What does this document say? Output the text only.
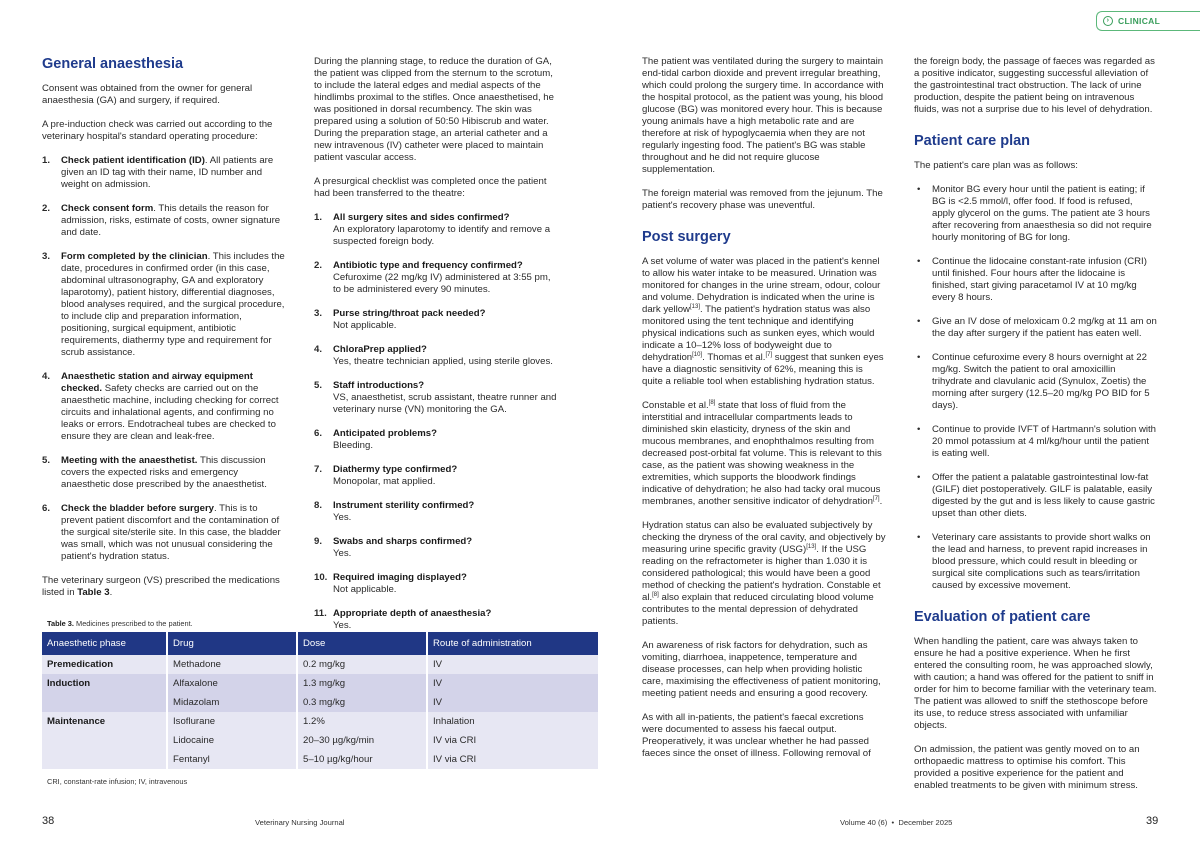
›	CLINICAL
General anaesthesia

Consent was obtained from the owner for general anaesthesia (GA) and surgery, if required.

A pre-induction check was carried out according to the veterinary hospital's standard operating procedure:

1. Check patient identification (ID). All patients are given an ID tag with their name, ID number and weight on admission.
2. Check consent form. This details the reason for admission, risks, estimate of costs, owner signature and date.
3. Form completed by the clinician. This includes the date, procedures in confirmed order (in this case, abdominal ultrasonography, GA and exploratory laparotomy), patient history, differential diagnoses, blood analyses required, and the surgical procedure, to include clip and preparation information, positioning, surgical equipment, antibiotic requirements, diathermy type and requirement for scrub assistance.
4. Anaesthetic station and airway equipment checked. Safety checks are carried out on the anaesthetic machine, including checking for correct circuits and inhalational agents, and confirming no leaks or errors. Endotracheal tubes are checked to ensure they are clean and leak-free.
5. Meeting with the anaesthetist. This discussion covers the expected risks and emergency anaesthetic dose prescribed by the anaesthetist.
6. Check the bladder before surgery. This is to prevent patient discomfort and the contamination of the surgical site/sterile site. In this case, the bladder was small, which was not unusual considering the patient's hydration status.

The veterinary surgeon (VS) prescribed the medications listed in Table 3.

During the planning stage, to reduce the duration of GA, the patient was clipped from the sternum to the scrotum, to include the lateral edges and medial aspects of the hindlimbs proximal to the stifles. Once anaesthetised, he was positioned in dorsal recumbency. The skin was prepared using a solution of 50:50 Hibiscrub and water. During the preparation stage, an arterial catheter and a new intravenous (IV) catheter were placed to maintain patient vascular access.

A presurgical checklist was completed once the patient had been transferred to the theatre:

1. All surgery sites and sides confirmed?
An exploratory laparotomy to identify and remove a suspected foreign body.
2. Antibiotic type and frequency confirmed?
Cefuroxime (22 mg/kg IV) administered at 3:55 pm, to be administered every 90 minutes.
3. Purse string/throat pack needed?
Not applicable.
4. ChloraPrep applied?
Yes, theatre technician applied, using sterile gloves.
5. Staff introductions?
VS, anaesthetist, scrub assistant, theatre runner and veterinary nurse (VN) monitoring the GA.
6. Anticipated problems?
Bleeding.
7. Diathermy type confirmed?
Monopolar, mat applied.
8. Instrument sterility confirmed?
Yes.
9. Swabs and sharps confirmed?
Yes.
10. Required imaging displayed?
Not applicable.
11. Appropriate depth of anaesthesia?
Yes.
Table 3. Medicines prescribed to the patient.
Anaesthetic phase	Drug	Dose	Route of administration
Premedication	Methadone	0.2 mg/kg	IV
Induction	Alfaxalone	1.3 mg/kg	IV
	Midazolam	0.3 mg/kg	IV
Maintenance	Isoflurane	1.2%	Inhalation
	Lidocaine	20–30 µg/kg/min	IV via CRI
	Fentanyl	5–10 µg/kg/hour	IV via CRI
CRI, constant-rate infusion; IV, intravenous

The patient was ventilated during the surgery to maintain end-tidal carbon dioxide and prevent irregular breathing, which could prolong the surgery time. In accordance with the hospital protocol, as the patient was young, his blood glucose (BG) was monitored every hour. This is because young animals have a high metabolic rate and are therefore at risk of hypoglycaemia when they are not regularly ingesting food. The patient's BG was stable throughout and he did not require glucose supplementation.

The foreign material was removed from the jejunum. The patient's recovery phase was uneventful.

Post surgery

A set volume of water was placed in the patient's kennel to allow his water intake to be measured. Urination was monitored for changes in the urine stream, odour, colour and volume. Dehydration is indicated when the urine is dark yellow[13]. The patient's hydration status was also monitored using the tent technique and identifying physical indications such as sunken eyes, which would indicate a 10–12% loss of bodyweight due to dehydration[10]. Thomas et al.[7] suggest that sunken eyes have a diagnostic sensitivity of 62%, meaning this is quite a reliable tool when establishing hydration status.

Constable et al.[8] state that loss of fluid from the interstitial and intracellular compartments leads to diminished skin elasticity, dryness of the skin and mucous membranes, and enophthalmos resulting from decreased post-orbital fat volume. This is relevant to this case, as the patient was showing weakness in the extremities, which supports the bloodwork findings indicative of dehydration; he also had tacky oral mucous membranes, another sensitive indicator of dehydration[7].

Hydration status can also be evaluated subjectively by checking the dryness of the oral cavity, and objectively by measuring urine specific gravity (USG)[13]. If the USG reading on the refractometer is higher than 1.030 it is considered pathological; this would have been a good method of checking the patient's hydration. Constable et al.[8] also explain that reduced circulating blood volume contributes to the mental depression of dehydrated patients.

An awareness of risk factors for dehydration, such as vomiting, diarrhoea, inappetence, temperature and disease processes, can help when providing holistic care, maximising the effectiveness of patient monitoring, meeting patient needs and ensuring a good recovery.

As with all in-patients, the patient's faecal excretions were documented to assess his faecal output. Preoperatively, it was unclear whether he had passed faeces since the onset of illness. Following removal of

the foreign body, the passage of faeces was regarded as a positive indicator, suggesting successful alleviation of the gastrointestinal tract obstruction. The lack of urine production, despite the patient being on intravenous fluids, was not a surprise due to his level of dehydration.

Patient care plan

The patient's care plan was as follows:

• Monitor BG every hour until the patient is eating; if BG is <2.5 mmol/l, offer food. If food is refused, apply glycerol on the gums. The patient ate 3 hours after recovering from anaesthesia so did not require hourly monitoring of BG for long.
• Continue the lidocaine constant-rate infusion (CRI) until finished. Four hours after the lidocaine is finished, start giving paracetamol IV at 10 mg/kg every 8 hours.
• Give an IV dose of meloxicam 0.2 mg/kg at 11 am on the day after surgery if the patient has eaten well.
• Continue cefuroxime every 8 hours overnight at 22 mg/kg. Switch the patient to oral amoxicillin trihydrate and clavulanic acid (Synulox, Zoetis) the morning after surgery (12.5–20 mg/kg PO BID for 5 days).
• Continue to provide IVFT of Hartmann's solution with 20 mmol potassium at 4 ml/kg/hour until the patient is eating well.
• Offer the patient a palatable gastrointestinal low-fat (GILF) diet postoperatively. GILF is palatable, easily digested by the gut and is less likely to cause gastric upset than other diets.
• Veterinary care assistants to provide short walks on the lead and harness, to prevent rapid increases in blood pressure, which could result in bleeding or surgical site complications such as tears/irritation caused by excessive movement.
Evaluation of patient care

When handling the patient, care was always taken to ensure he had a positive experience. When he first entered the consulting room, he was approached slowly, with caution; a hand was offered for the patient to sniff in order for him to become familiar with the veterinary team. The patient was allowed to sniff the stethoscope before its use, to reduce stress associated with unfamiliar objects.

On admission, the patient was gently moved on to an orthopaedic mattress to optimise his comfort. This provided a positive experience for the patient and enabled treatments to be given with minimum stress.

38	Veterinary Nursing Journal	Volume 40 (6)  •  December 2025	39
